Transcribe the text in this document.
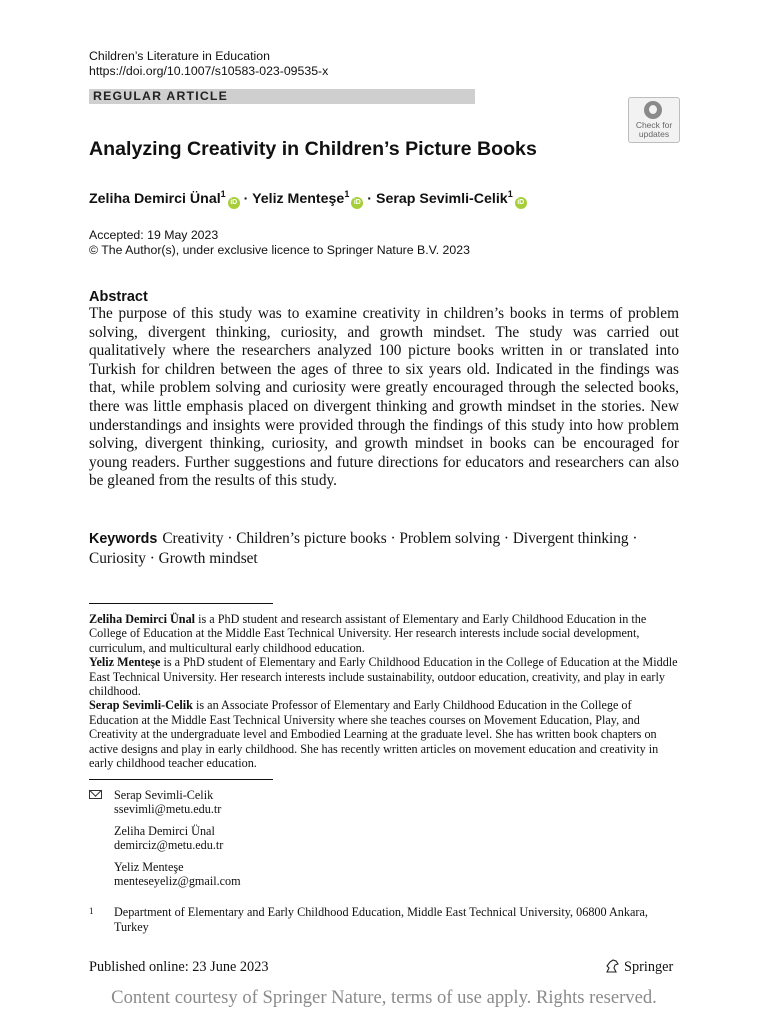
Children’s Literature in Education
https://doi.org/10.1007/s10583-023-09535-x
REGULAR ARTICLE
Check for
updates
Analyzing Creativity in Children’s Picture Books
Zeliha Demirci Ünal$^1$iD · Yeliz Menteşe$^1$iD · Serap Sevimli-Celik$^1$iD
Accepted: 19 May 2023
© The Author(s), under exclusive licence to Springer Nature B.V. 2023
Abstract
The purpose of this study was to examine creativity in children’s books in terms of problem solving, divergent thinking, curiosity, and growth mindset. The study was carried out qualitatively where the researchers analyzed 100 picture books written in or translated into Turkish for children between the ages of three to six years old. Indicated in the findings was that, while problem solving and curiosity were greatly encouraged through the selected books, there was little emphasis placed on divergent thinking and growth mindset in the stories. New understandings and insights were provided through the findings of this study into how problem solving, divergent thinking, curiosity, and growth mindset in books can be encouraged for young readers. Further suggestions and future directions for educators and researchers can also be gleaned from the results of this study.
Keywords Creativity · Children’s picture books · Problem solving · Divergent thinking · Curiosity · Growth mindset

Zeliha Demirci Ünal is a PhD student and research assistant of Elementary and Early Childhood Education in the College of Education at the Middle East Technical University. Her research interests include social development, curriculum, and multicultural early childhood education.

Yeliz Menteşe is a PhD student of Elementary and Early Childhood Education in the College of Education at the Middle East Technical University. Her research interests include sustainability, outdoor education, creativity, and play in early childhood.

Serap Sevimli-Celik is an Associate Professor of Elementary and Early Childhood Education in the College of Education at the Middle East Technical University where she teaches courses on Movement Education, Play, and Creativity at the undergraduate level and Embodied Learning at the graduate level. She has written book chapters on active designs and play in early childhood. She has recently written articles on movement education and creativity in early childhood teacher education.

Serap Sevimli-Celik
ssevimli@metu.edu.tr
Zeliha Demirci Ünal
demirciz@metu.edu.tr
Yeliz Menteşe
menteseyeliz@gmail.com
1 Department of Elementary and Early Childhood Education, Middle East Technical University, 06800 Ankara, Turkey
Published online: 23 June 2023	Springer
Content courtesy of Springer Nature, terms of use apply. Rights reserved.
